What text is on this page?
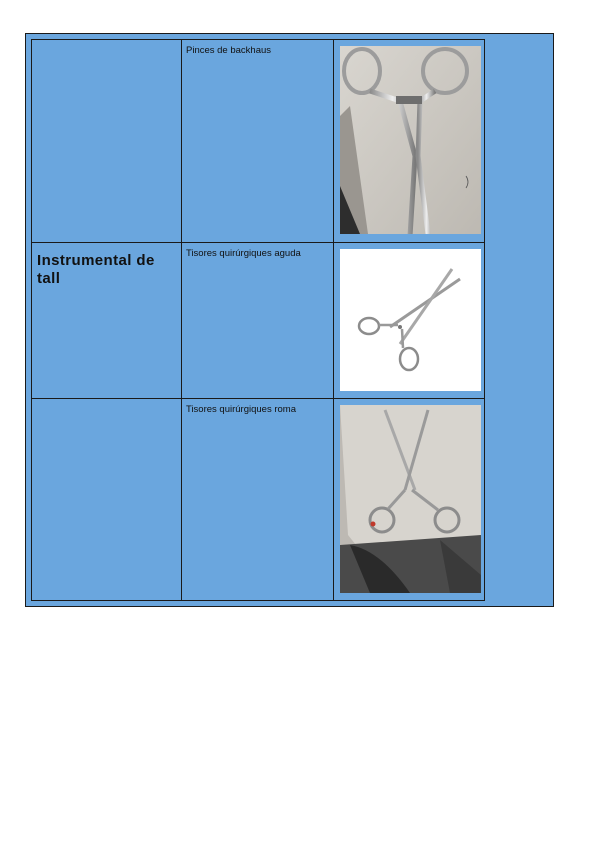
	Pinces de backhaus	

Instrumental de tall	Tisores quirúrgiques aguda	

	Tisores quirúrgiques roma	
